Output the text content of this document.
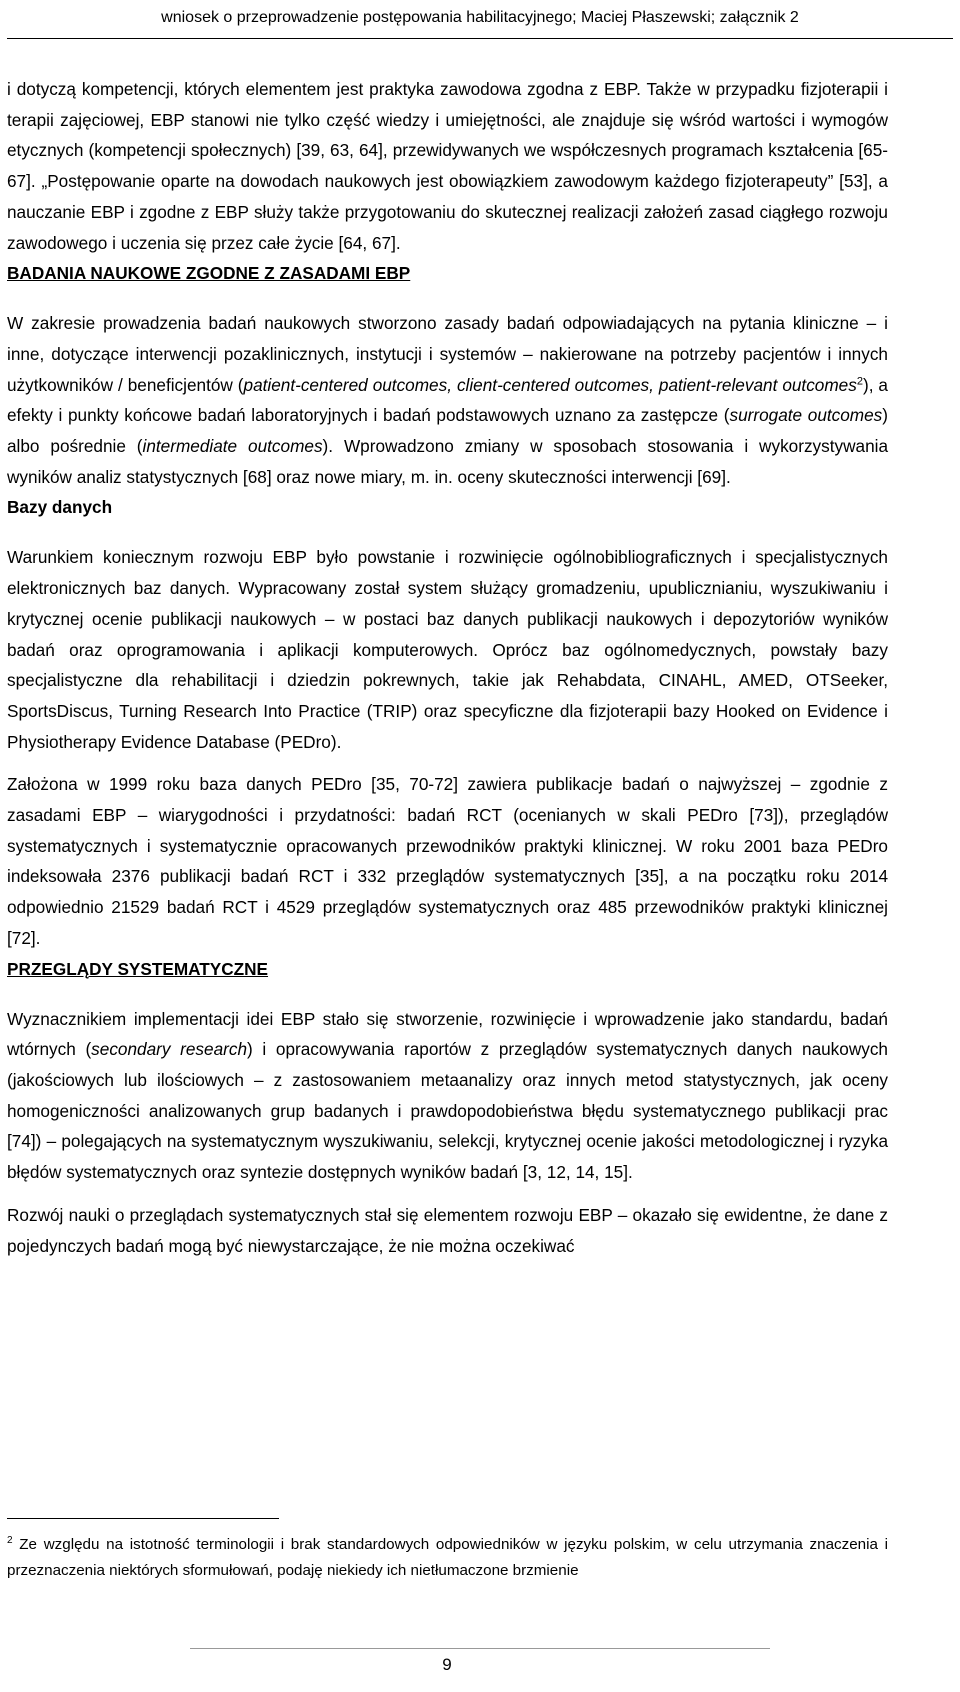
wniosek o przeprowadzenie postępowania habilitacyjnego; Maciej Płaszewski; załącznik 2

i dotyczą kompetencji, których elementem jest praktyka zawodowa zgodna z EBP. Także w przypadku fizjoterapii i terapii zajęciowej, EBP stanowi nie tylko część wiedzy i umiejętności, ale znajduje się wśród wartości i wymogów etycznych (kompetencji społecznych) [39, 63, 64], przewidywanych we współczesnych programach kształcenia [65-67]. „Postępowanie oparte na dowodach naukowych jest obowiązkiem zawodowym każdego fizjoterapeuty” [53], a nauczanie EBP i zgodne z EBP służy także przygotowaniu do skutecznej realizacji założeń zasad ciągłego rozwoju zawodowego i uczenia się przez całe życie [64, 67].

BADANIA NAUKOWE ZGODNE Z ZASADAMI EBP

W zakresie prowadzenia badań naukowych stworzono zasady badań odpowiadających na pytania kliniczne – i inne, dotyczące interwencji pozaklinicznych, instytucji i systemów – nakierowane na potrzeby pacjentów i innych użytkowników / beneficjentów (patient-centered outcomes, client-centered outcomes, patient-relevant outcomes$^2$), a efekty i punkty końcowe badań laboratoryjnych i badań podstawowych uznano za zastępcze (surrogate outcomes) albo pośrednie (intermediate outcomes). Wprowadzono zmiany w sposobach stosowania i wykorzystywania wyników analiz statystycznych [68] oraz nowe miary, m. in. oceny skuteczności interwencji [69].

Bazy danych

Warunkiem koniecznym rozwoju EBP było powstanie i rozwinięcie ogólnobibliograficznych i specjalistycznych elektronicznych baz danych. Wypracowany został system służący gromadzeniu, upublicznianiu, wyszukiwaniu i krytycznej ocenie publikacji naukowych – w postaci baz danych publikacji naukowych i depozytoriów wyników badań oraz oprogramowania i aplikacji komputerowych. Oprócz baz ogólnomedycznych, powstały bazy specjalistyczne dla rehabilitacji i dziedzin pokrewnych, takie jak Rehabdata, CINAHL, AMED, OTSeeker, SportsDiscus, Turning Research Into Practice (TRIP) oraz specyficzne dla fizjoterapii bazy Hooked on Evidence i Physiotherapy Evidence Database (PEDro).

Założona w 1999 roku baza danych PEDro [35, 70-72] zawiera publikacje badań o najwyższej – zgodnie z zasadami EBP – wiarygodności i przydatności: badań RCT (ocenianych w skali PEDro [73]), przeglądów systematycznych i systematycznie opracowanych przewodników praktyki klinicznej. W roku 2001 baza PEDro indeksowała 2376 publikacji badań RCT i 332 przeglądów systematycznych [35], a na początku roku 2014 odpowiednio 21529 badań RCT i 4529 przeglądów systematycznych oraz 485 przewodników praktyki klinicznej [72].

PRZEGLĄDY SYSTEMATYCZNE

Wyznacznikiem implementacji idei EBP stało się stworzenie, rozwinięcie i wprowadzenie jako standardu, badań wtórnych (secondary research) i opracowywania raportów z przeglądów systematycznych danych naukowych (jakościowych lub ilościowych – z zastosowaniem metaanalizy oraz innych metod statystycznych, jak oceny homogeniczności analizowanych grup badanych i prawdopodobieństwa błędu systematycznego publikacji prac [74]) – polegających na systematycznym wyszukiwaniu, selekcji, krytycznej ocenie jakości metodologicznej i ryzyka błędów systematycznych oraz syntezie dostępnych wyników badań [3, 12, 14, 15].

Rozwój nauki o przeglądach systematycznych stał się elementem rozwoju EBP – okazało się ewidentne, że dane z pojedynczych badań mogą być niewystarczające, że nie można oczekiwać

$^2$ Ze względu na istotność terminologii i brak standardowych odpowiedników w języku polskim, w celu utrzymania znaczenia i przeznaczenia niektórych sformułowań, podaję niekiedy ich nietłumaczone brzmienie
9
